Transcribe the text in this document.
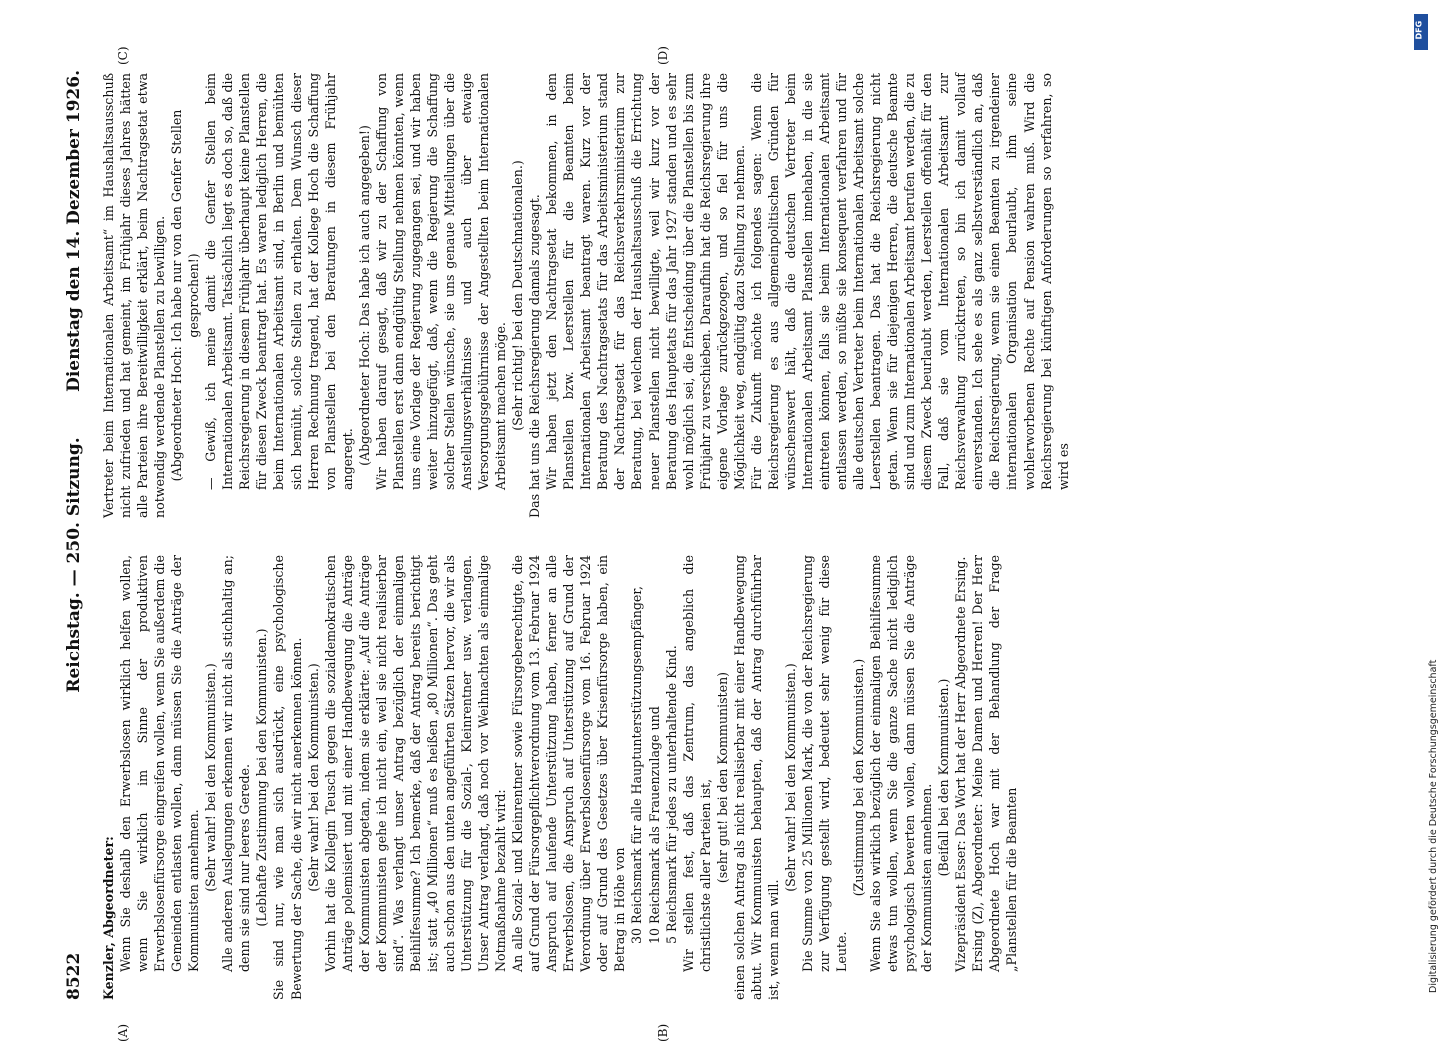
8522
Reichstag. — 250. Sitzung.
Dienstag den 14. Dezember 1926.

Kenzler, Abgeordneter: Wenn Sie deshalb den Erwerbslosen wirklich helfen wollen, wenn Sie wirklich im Sinne der produktiven Erwerbslosenfürsorge eingreifen wollen, wenn Sie außerdem die Gemeinden entlasten wollen, dann müssen Sie die Anträge der Kommunisten annehmen. (Sehr wahr! bei den Kommunisten.) Alle anderen Auslegungen erkennen wir nicht als stichhaltig an; denn sie sind nur leeres Gerede. (Lebhafte Zustimmung bei den Kommunisten.) Sie sind nur, wie man sich ausdrückt, eine psychologische Bewertung der Sache, die wir nicht anerkennen können. (Sehr wahr! bei den Kommunisten.) Vorhin hat die Kollegin Teusch gegen die sozialdemokratischen Anträge polemisiert und mit einer Handbewegung die Anträge der Kommunisten abgetan, indem sie erklärte: „Auf die Anträge der Kommunisten gehe ich nicht ein, weil sie nicht realisierbar sind“. Was verlangt unser Antrag bezüglich der einmaligen Beihilfesumme? Ich bemerke, daß der Antrag bereits berichtigt ist; statt „40 Millionen“ muß es heißen „80 Millionen“. Das geht auch schon aus den unten angeführten Sätzen hervor, die wir als Unterstützung für die Sozial-, Kleinrentner usw. verlangen. Unser Antrag verlangt, daß noch vor Weihnachten als einmalige Notmaßnahme bezahlt wird: An alle Sozial- und Kleinrentner sowie Fürsorgeberechtigte, die auf Grund der Fürsorgepflichtverordnung vom 13. Februar 1924 Anspruch auf laufende Unterstützung haben, ferner an alle Erwerbslosen, die Anspruch auf Unterstützung auf Grund der Verordnung über Erwerbslosenfürsorge vom 16. Februar 1924 oder auf Grund des Gesetzes über Krisenfürsorge haben, ein Betrag in Höhe von 30 Reichsmark für alle Hauptunterstützungsempfänger, 10 Reichsmark als Frauenzulage und 5 Reichsmark für jedes zu unterhaltende Kind. Wir stellen fest, daß das Zentrum, das angeblich die christlichste aller Parteien ist, (sehr gut! bei den Kommunisten) einen solchen Antrag als nicht realisierbar mit einer Handbewegung abtut. Wir Kommunisten behaupten, daß der Antrag durchführbar ist, wenn man will.

(Sehr wahr! bei den Kommunisten.) Die Summe von 25 Millionen Mark, die von der Reichsregierung zur Verfügung gestellt wird, bedeutet sehr wenig für diese Leute.

(Zustimmung bei den Kommunisten.) Wenn Sie also wirklich bezüglich der einmaligen Beihilfesumme etwas tun wollen, wenn Sie die ganze Sache nicht lediglich psychologisch bewerten wollen, dann müssen Sie die Anträge der Kommunisten annehmen.

(Beifall bei den Kommunisten.) Vizepräsident Esser: Das Wort hat der Herr Abgeordnete Ersing. Ersing (Z), Abgeordneter: Meine Damen und Herren! Der Herr Abgeordnete Hoch war mit der Behandlung der Frage „Planstellen für die Beamten

Vertreter beim Internationalen Arbeitsamt“ im Haushaltsausschuß nicht zufrieden und hat gemeint, im Frühjahr dieses Jahres hätten alle Parteien ihre Bereitwilligkeit erklärt, beim Nachtragsetat etwa notwendig werdende Planstellen zu bewilligen. (Abgeordneter Hoch: Ich habe nur von den Genfer Stellen gesprochen!) — Gewiß, ich meine damit die Genfer Stellen beim Internationalen Arbeitsamt. Tatsächlich liegt es doch so, daß die Reichsregierung in diesem Frühjahr überhaupt keine Planstellen für diesen Zweck beantragt hat. Es waren lediglich Herren, die beim Internationalen Arbeitsamt sind, in Berlin und bemühten sich bemüht, solche Stellen zu erhalten. Dem Wunsch dieser Herren Rechnung tragend, hat der Kollege Hoch die Schaffung von Planstellen bei den Beratungen in diesem Frühjahr angeregt. (Abgeordneter Hoch: Das habe ich auch angegeben!) Wir haben darauf gesagt, daß wir zu der Schaffung von Planstellen erst dann endgültig Stellung nehmen könnten, wenn uns eine Vorlage der Regierung zugegangen sei, und wir haben weiter hinzugefügt, daß, wenn die Regierung die Schaffung solcher Stellen wünsche, sie uns genaue Mitteilungen über die Anstellungsverhältnisse und auch über etwaige Versorgungsgebührnisse der Angestellten beim Internationalen Arbeitsamt machen möge. (Sehr richtig! bei den Deutschnationalen.) Das hat uns die Reichsregierung damals zugesagt. Wir haben jetzt den Nachtragsetat bekommen, in dem Planstellen bzw. Leerstellen für die Beamten beim Internationalen Arbeitsamt beantragt waren. Kurz vor der Beratung des Nachtragsetats für das Arbeitsministerium stand der Nachtragsetat für das Reichsverkehrsministerium zur Beratung, bei welchem der Haushaltsausschuß die Errichtung neuer Planstellen nicht bewilligte, weil wir kurz vor der Beratung des Hauptetats für das Jahr 1927 standen und es sehr wohl möglich sei, die Entscheidung über die Planstellen bis zum Frühjahr zu verschieben. Daraufhin hat die Reichsregierung ihre eigene Vorlage zurückgezogen, und so fiel für uns die Möglichkeit weg, endgültig dazu Stellung zu nehmen. Für die Zukunft möchte ich folgendes sagen: Wenn die Reichsregierung es aus allgemeinpolitischen Gründen für wünschenswert hält, daß die deutschen Vertreter beim Internationalen Arbeitsamt Planstellen innehaben, in die sie eintreten können, falls sie beim Internationalen Arbeitsamt entlassen werden, so müßte sie konsequent verfahren und für alle deutschen Vertreter beim Internationalen Arbeitsamt solche Leerstellen beantragen. Das hat die Reichsregierung nicht getan. Wenn sie für diejenigen Herren, die deutsche Beamte sind und zum Internationalen Arbeitsamt berufen werden, die zu diesem Zweck beurlaubt werden, Leerstellen offenhält für den Fall, daß sie vom Internationalen Arbeitsamt zur Reichsverwaltung zurücktreten, so bin ich damit vollauf einverstanden. Ich sehe es als ganz selbstverständlich an, daß die Reichsregierung, wenn sie einen Beamten zu irgendeiner internationalen Organisation beurlaubt, ihm seine wohlerworbenen Rechte auf Pension wahren muß. Wird die Reichsregierung bei künftigen Anforderungen so verfahren, so wird es

(A)	(B)
(C)	(D)
DFG
Digitalisierung gefördert durch die Deutsche Forschungsgemeinschaft
